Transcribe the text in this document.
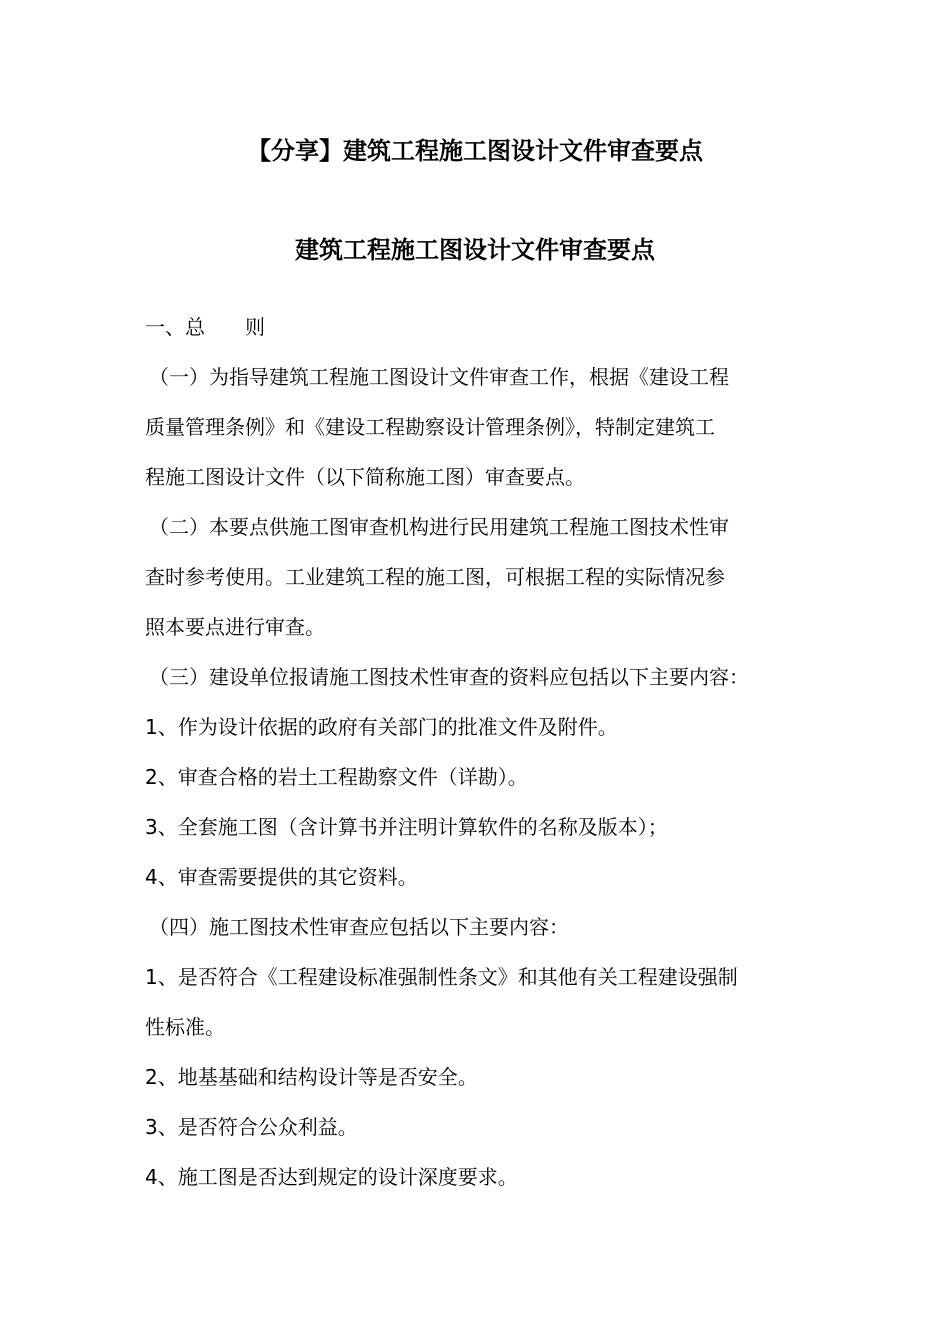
【分享】建筑工程施工图设计文件审查要点
建筑工程施工图设计文件审查要点
一、总　　则
（一）为指导建筑工程施工图设计文件审查工作，根据《建设工程
质量管理条例》和《建设工程勘察设计管理条例》，特制定建筑工
程施工图设计文件（以下简称施工图）审查要点。
（二）本要点供施工图审查机构进行民用建筑工程施工图技术性审
查时参考使用。工业建筑工程的施工图，可根据工程的实际情况参
照本要点进行审查。
（三）建设单位报请施工图技术性审查的资料应包括以下主要内容：
1、作为设计依据的政府有关部门的批准文件及附件。
2、审查合格的岩土工程勘察文件（详勘）。
3、全套施工图（含计算书并注明计算软件的名称及版本）；
4、审查需要提供的其它资料。
（四）施工图技术性审查应包括以下主要内容：
1、是否符合《工程建设标准强制性条文》和其他有关工程建设强制
性标准。
2、地基基础和结构设计等是否安全。
3、是否符合公众利益。
4、施工图是否达到规定的设计深度要求。
